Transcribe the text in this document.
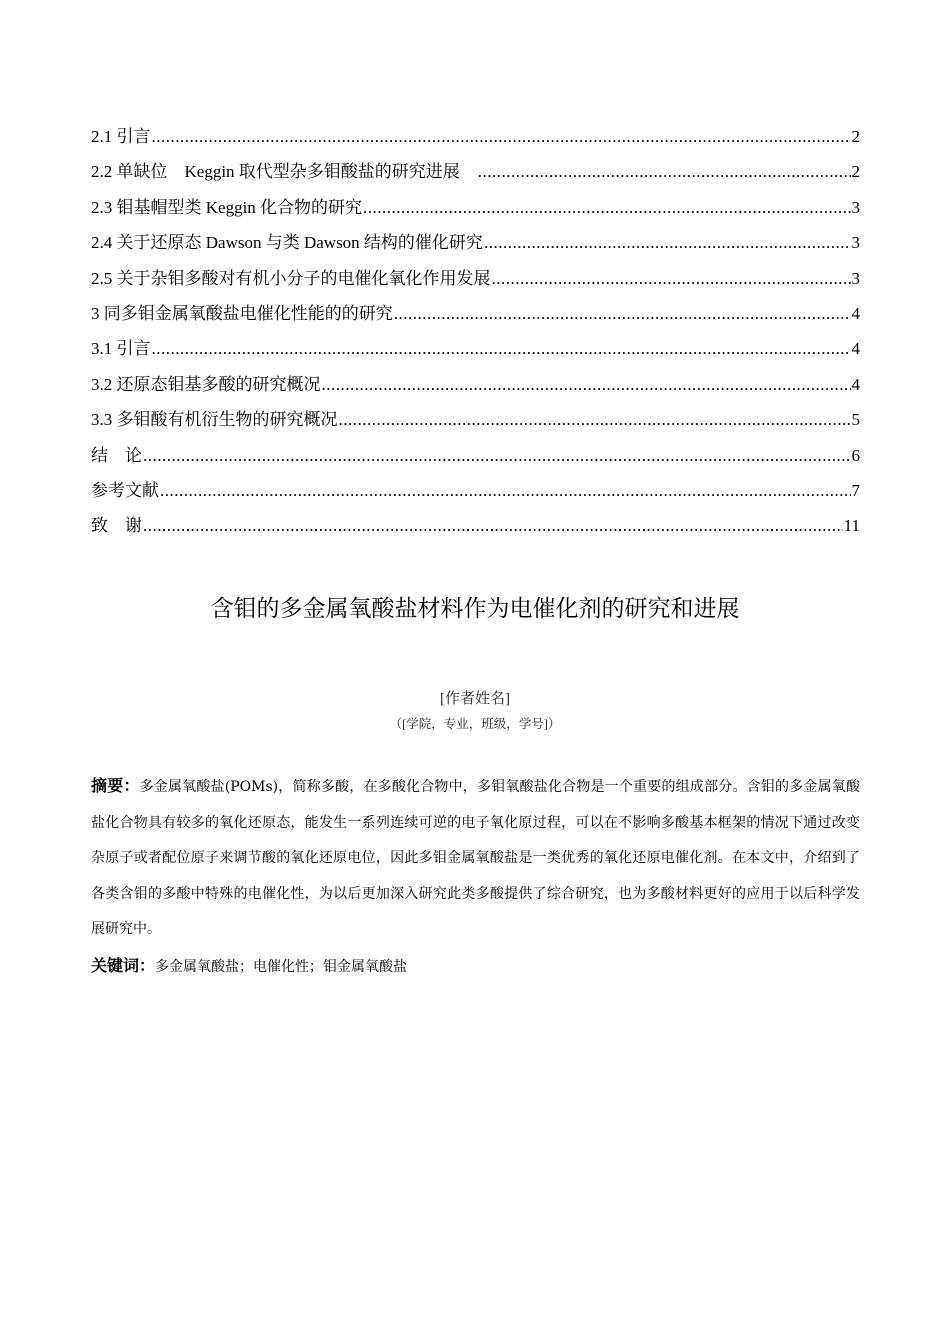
2.1 引言 .....	2
2.2 单缺位　Keggin 取代型杂多钼酸盐的研究进展　 .....	2
2.3 钼基帽型类 Keggin 化合物的研究 .....	3
2.4 关于还原态 Dawson 与类 Dawson 结构的催化研究 .....	3
2.5 关于杂钼多酸对有机小分子的电催化氧化作用发展 .....	3
3 同多钼金属氧酸盐电催化性能的的研究 .....	4
3.1 引言 .....	4
3.2 还原态钼基多酸的研究概况 .....	4
3.3 多钼酸有机衍生物的研究概况 .....	5
结　论 .....	6
参考文献 .....	7
致　谢 .....	11
含钼的多金属氧酸盐材料作为电催化剂的研究和进展
[作者姓名]
（[学院，专业，班级，学号]）
摘要：多金属氧酸盐(POMs)，简称多酸，在多酸化合物中，多钼氧酸盐化合物是一个重要的组成部分。含钼的多金属氧酸盐化合物具有较多的氧化还原态，能发生一系列连续可逆的电子氧化原过程，可以在不影响多酸基本框架的情况下通过改变杂原子或者配位原子来调节酸的氧化还原电位，因此多钼金属氧酸盐是一类优秀的氧化还原电催化剂。在本文中，介绍到了各类含钼的多酸中特殊的电催化性，为以后更加深入研究此类多酸提供了综合研究，也为多酸材料更好的应用于以后科学发展研究中。
关键词：多金属氧酸盐；电催化性；钼金属氧酸盐
